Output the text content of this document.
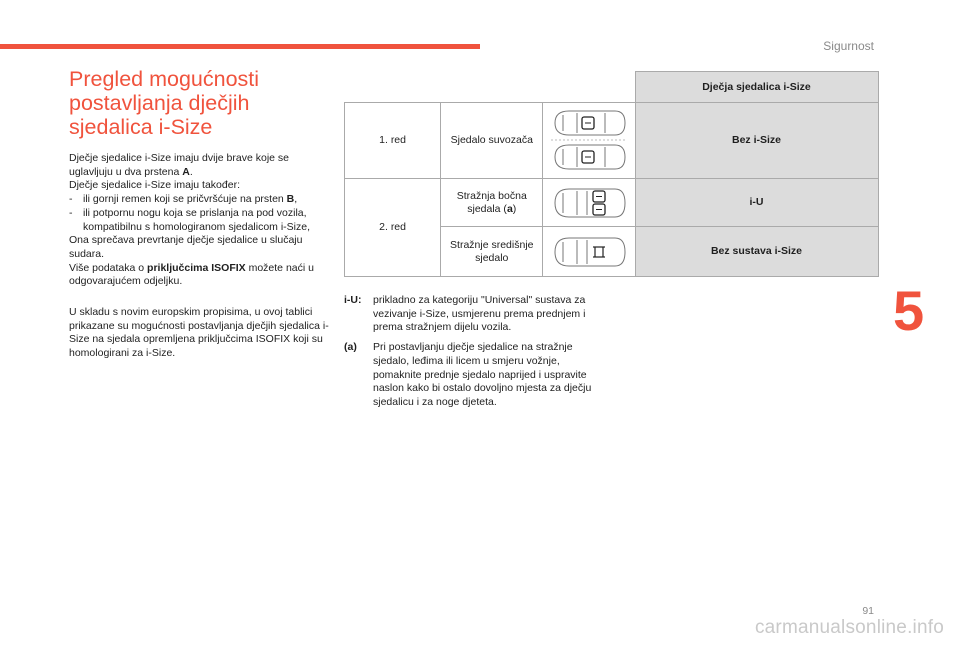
Sigurnost
5
91
carmanualsonline.info
Pregled mogućnosti
postavljanja dječjih
sjedalica i-Size

Dječje sjedalice i-Size imaju dvije brave koje se uglavljuju u dva prstena A.

Dječje sjedalice i-Size imaju također:

-	ili gornji remen koji se pričvršćuje na prsten B,
-	ili potpornu nogu koja se prislanja na pod vozila, kompatibilnu s homologiranom sjedalicom i-Size,

Ona sprečava prevrtanje dječje sjedalice u slučaju sudara.

Više podataka o priključcima ISOFIX možete naći u odgovarajućem odjeljku.

U skladu s novim europskim propisima, u ovoj tablici prikazane su mogućnosti postavljanja dječjih sjedalica i-Size na sjedala opremljena priključcima ISOFIX koji su homologirani za i-Size.

			Dječja sjedalica i-Size
1. red	Sjedalo suvozača		Bez i-Size
2. red	Stražnja bočna sjedala (a)		i-U
	Stražnje središnje sjedalo		Bez sustava i-Size
i-U:	prikladno za kategoriju "Universal" sustava za vezivanje i-Size, usmjerenu prema prednjem i prema stražnjem dijelu vozila.
(a)	Pri postavljanju dječje sjedalice na stražnje sjedalo, leđima ili licem u smjeru vožnje, pomaknite prednje sjedalo naprijed i uspravite naslon kako bi ostalo dovoljno mjesta za dječju sjedalicu i za noge djeteta.
